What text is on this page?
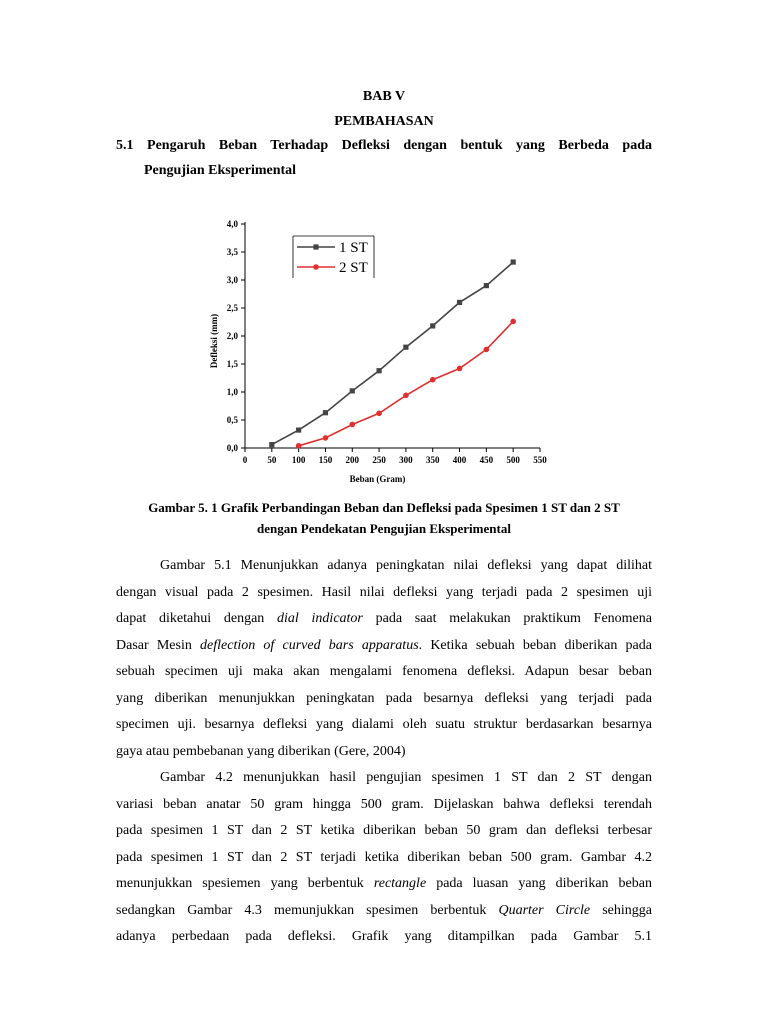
BAB V
PEMBAHASAN
5.1 Pengaruh Beban Terhadap Defleksi dengan bentuk yang Berbeda pada
Pengujian Eksperimental
0 50 100 150 200 250 300 350 400 450 500 550
0,0
0,5
1,0
1,5
2,0
2,5
3,0
3,5
4,0
Beban (Gram)
Defleksi (mm)
1 ST
2 ST
Gambar 5. 1 Grafik Perbandingan Beban dan Defleksi pada Spesimen 1 ST dan 2 ST
dengan Pendekatan Pengujian Eksperimental
Gambar 5.1 Menunjukkan adanya peningkatan nilai defleksi yang dapat dilihat
dengan visual pada 2 spesimen. Hasil nilai defleksi yang terjadi pada 2 spesimen uji
dapat diketahui dengan dial indicator pada saat melakukan praktikum Fenomena
Dasar Mesin deflection of curved bars apparatus. Ketika sebuah beban diberikan pada
sebuah specimen uji maka akan mengalami fenomena defleksi. Adapun besar beban
yang diberikan menunjukkan peningkatan pada besarnya defleksi yang terjadi pada
specimen uji. besarnya defleksi yang dialami oleh suatu struktur berdasarkan besarnya
gaya atau pembebanan yang diberikan (Gere, 2004)
Gambar 4.2 menunjukkan hasil pengujian spesimen 1 ST dan 2 ST dengan
variasi beban anatar 50 gram hingga 500 gram. Dijelaskan bahwa defleksi terendah
pada spesimen 1 ST dan 2 ST ketika diberikan beban 50 gram dan defleksi terbesar
pada spesimen 1 ST dan 2 ST terjadi ketika diberikan beban 500 gram. Gambar 4.2
menunjukkan spesiemen yang berbentuk rectangle pada luasan yang diberikan beban
sedangkan Gambar 4.3 memunjukkan spesimen berbentuk Quarter Circle sehingga
adanya perbedaan pada defleksi. Grafik yang ditampilkan pada Gambar 5.1
